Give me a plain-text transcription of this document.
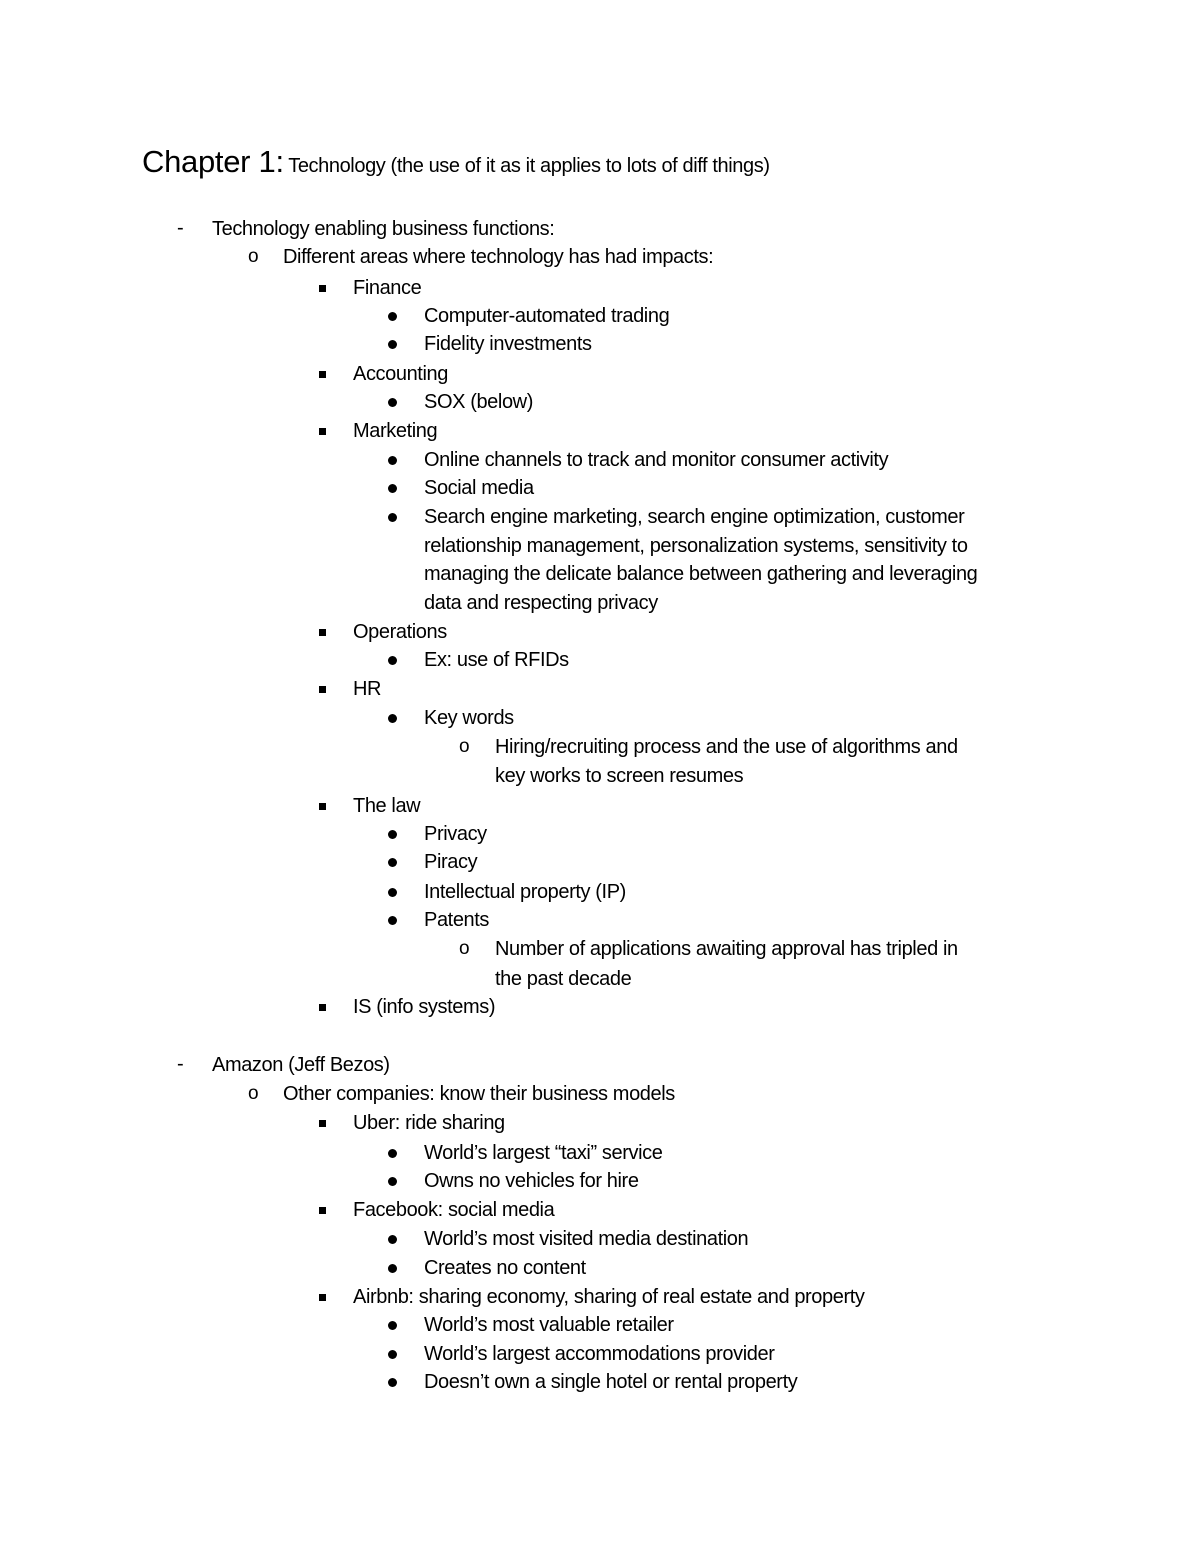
Chapter 1: Technology (the use of it as it applies to lots of diff things)
- Technology enabling business functions:
o Different areas where technology has had impacts:
Finance
Computer-automated trading
Fidelity investments
Accounting
SOX (below)
Marketing
Online channels to track and monitor consumer activity
Social media
Search engine marketing, search engine optimization, customer
relationship management, personalization systems, sensitivity to
managing the delicate balance between gathering and leveraging
data and respecting privacy
Operations
Ex: use of RFIDs
HR
Key words
o Hiring/recruiting process and the use of algorithms and
key works to screen resumes
The law
Privacy
Piracy
Intellectual property (IP)
Patents
o Number of applications awaiting approval has tripled in
the past decade
IS (info systems)
- Amazon (Jeff Bezos)
o Other companies: know their business models
Uber: ride sharing
World’s largest “taxi” service
Owns no vehicles for hire
Facebook: social media
World’s most visited media destination
Creates no content
Airbnb: sharing economy, sharing of real estate and property
World’s most valuable retailer
World’s largest accommodations provider
Doesn’t own a single hotel or rental property
